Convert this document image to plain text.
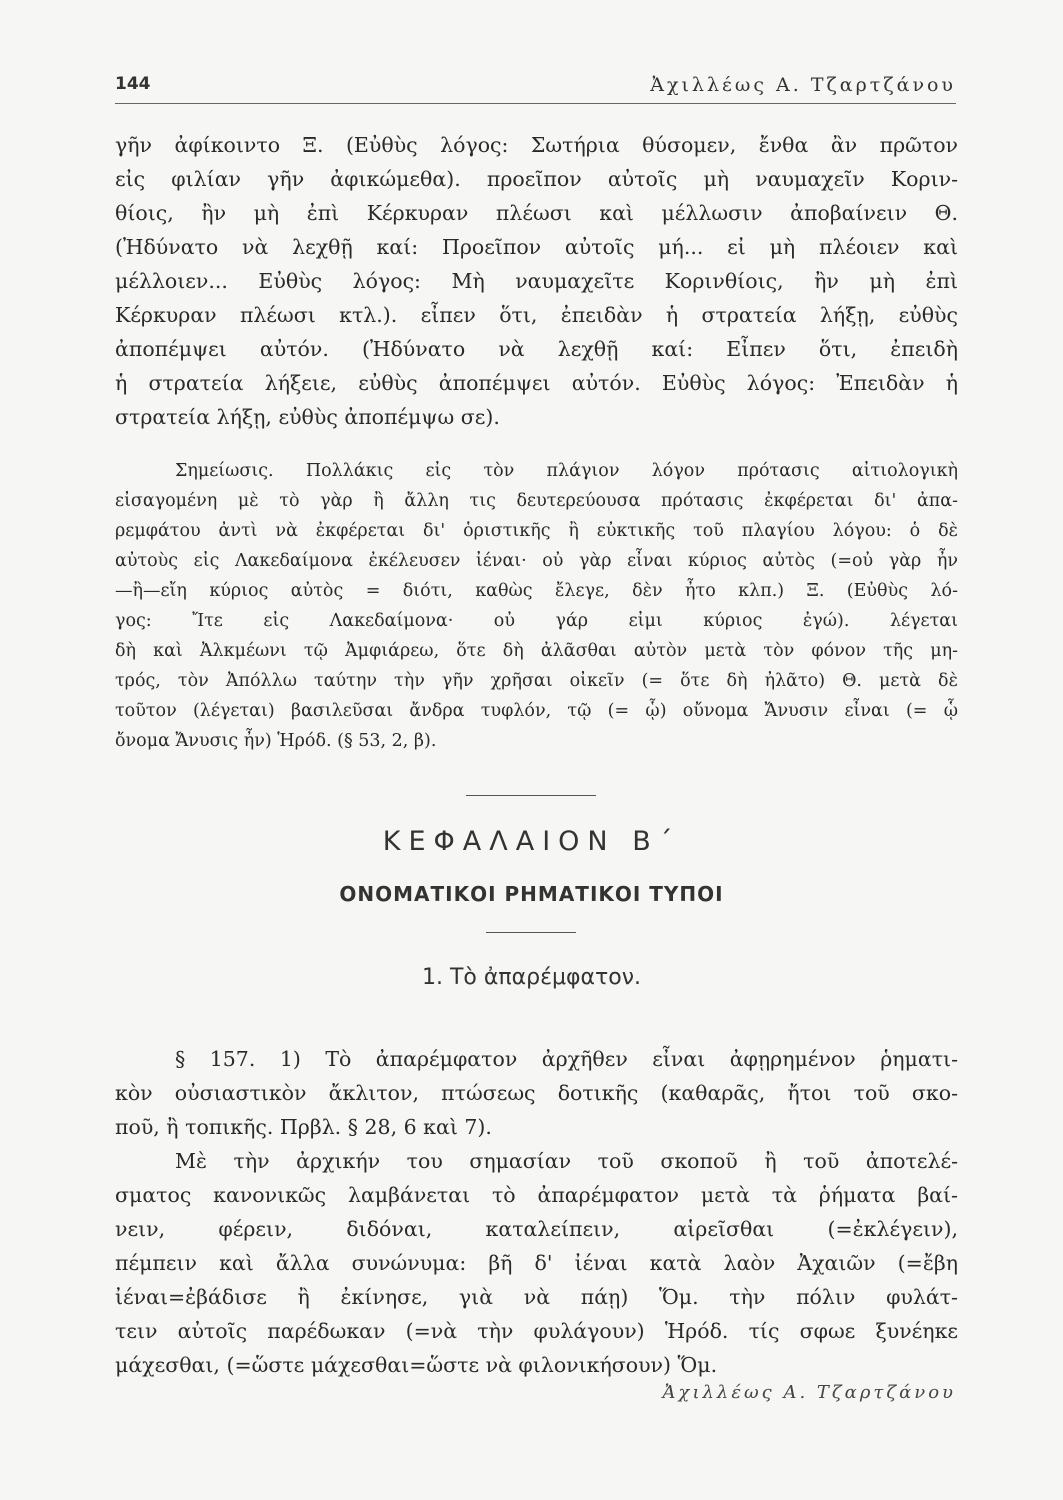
144	Ἀχιλλέως Α. Τζαρτζάνου
γῆν ἀφίκοιντο Ξ. (Εὐθὺς λόγος: Σωτήρια θύσομεν, ἔνθα ἂν πρῶτον
εἰς φιλίαν γῆν ἀφικώμεθα). προεῖπον αὐτοῖς μὴ ναυμαχεῖν Κοριν-
θίοις, ἢν μὴ ἐπὶ Κέρκυραν πλέωσι καὶ μέλλωσιν ἀποβαίνειν Θ.
(Ἠδύνατο νὰ λεχθῇ καί: Προεῖπον αὐτοῖς μή... εἰ μὴ πλέοιεν καὶ
μέλλοιεν... Εὐθὺς λόγος: Μὴ ναυμαχεῖτε Κορινθίοις, ἢν μὴ ἐπὶ
Κέρκυραν πλέωσι κτλ.). εἶπεν ὅτι, ἐπειδὰν ἡ στρατεία λήξῃ, εὐθὺς
ἀποπέμψει αὐτόν. (Ἠδύνατο νὰ λεχθῇ καί: Εἶπεν ὅτι, ἐπειδὴ
ἡ στρατεία λήξειε, εὐθὺς ἀποπέμψει αὐτόν. Εὐθὺς λόγος: Ἐπειδὰν ἡ
στρατεία λήξῃ, εὐθὺς ἀποπέμψω σε).
Σημείωσις. Πολλάκις εἰς τὸν πλάγιον λόγον πρότασις αἰτιολογικὴ
εἰσαγομένη μὲ τὸ γὰρ ἢ ἄλλη τις δευτερεύουσα πρότασις ἐκφέρεται δι' ἀπα-
ρεμφάτου ἀντὶ νὰ ἐκφέρεται δι' ὁριστικῆς ἢ εὐκτικῆς τοῦ πλαγίου λόγου: ὁ δὲ
αὐτοὺς εἰς Λακεδαίμονα ἐκέλευσεν ἰέναι· οὐ γὰρ εἶναι κύριος αὐτὸς (=οὐ γὰρ ἦν
—ἢ—εἴη κύριος αὐτὸς = διότι, καθὼς ἔλεγε, δὲν ἦτο κλπ.) Ξ. (Εὐθὺς λό-
γος: Ἴτε εἰς Λακεδαίμονα· οὐ γάρ εἰμι κύριος ἐγώ). λέγεται
δὴ καὶ Ἀλκμέωνι τῷ Ἀμφιάρεω, ὅτε δὴ ἀλᾶσθαι αὐτὸν μετὰ τὸν φόνον τῆς μη-
τρός, τὸν Ἀπόλλω ταύτην τὴν γῆν χρῆσαι οἰκεῖν (= ὅτε δὴ ἠλᾶτο) Θ. μετὰ δὲ
τοῦτον (λέγεται) βασιλεῦσαι ἄνδρα τυφλόν, τῷ (= ᾧ) οὔνομα Ἄνυσιν εἶναι (= ᾧ
ὄνομα Ἄνυσις ἦν) Ἡρόδ. (§ 53, 2, β).
ΚΕΦΑΛΑΙΟΝ Β΄
ΟΝΟΜΑΤΙΚΟΙ ΡΗΜΑΤΙΚΟΙ ΤΥΠΟΙ
1. Τὸ ἀπαρέμφατον.
§ 157. 1) Τὸ ἀπαρέμφατον ἀρχῆθεν εἶναι ἀφῃρημένον ῥηματι-
κὸν οὐσιαστικὸν ἄκλιτον, πτώσεως δοτικῆς (καθαρᾶς, ἤτοι τοῦ σκο-
ποῦ, ἢ τοπικῆς. Πρβλ. § 28, 6 καὶ 7).
Μὲ τὴν ἀρχικήν του σημασίαν τοῦ σκοποῦ ἢ τοῦ ἀποτελέ-
σματος κανονικῶς λαμβάνεται τὸ ἀπαρέμφατον μετὰ τὰ ῥήματα βαί-
νειν, φέρειν, διδόναι, καταλείπειν, αἱρεῖσθαι (=ἐκλέγειν),
πέμπειν καὶ ἄλλα συνώνυμα: βῆ δ' ἰέναι κατὰ λαὸν Ἀχαιῶν (=ἔβη
ἰέναι=ἐβάδισε ἢ ἐκίνησε, γιὰ νὰ πάῃ) Ὅμ. τὴν πόλιν φυλάτ-
τειν αὐτοῖς παρέδωκαν (=νὰ τὴν φυλάγουν) Ἡρόδ. τίς σφωε ξυνέηκε
μάχεσθαι, (=ὥστε μάχεσθαι=ὥστε νὰ φιλονικήσουν) Ὅμ.
Ἀχιλλέως Α. Τζαρτζάνου
